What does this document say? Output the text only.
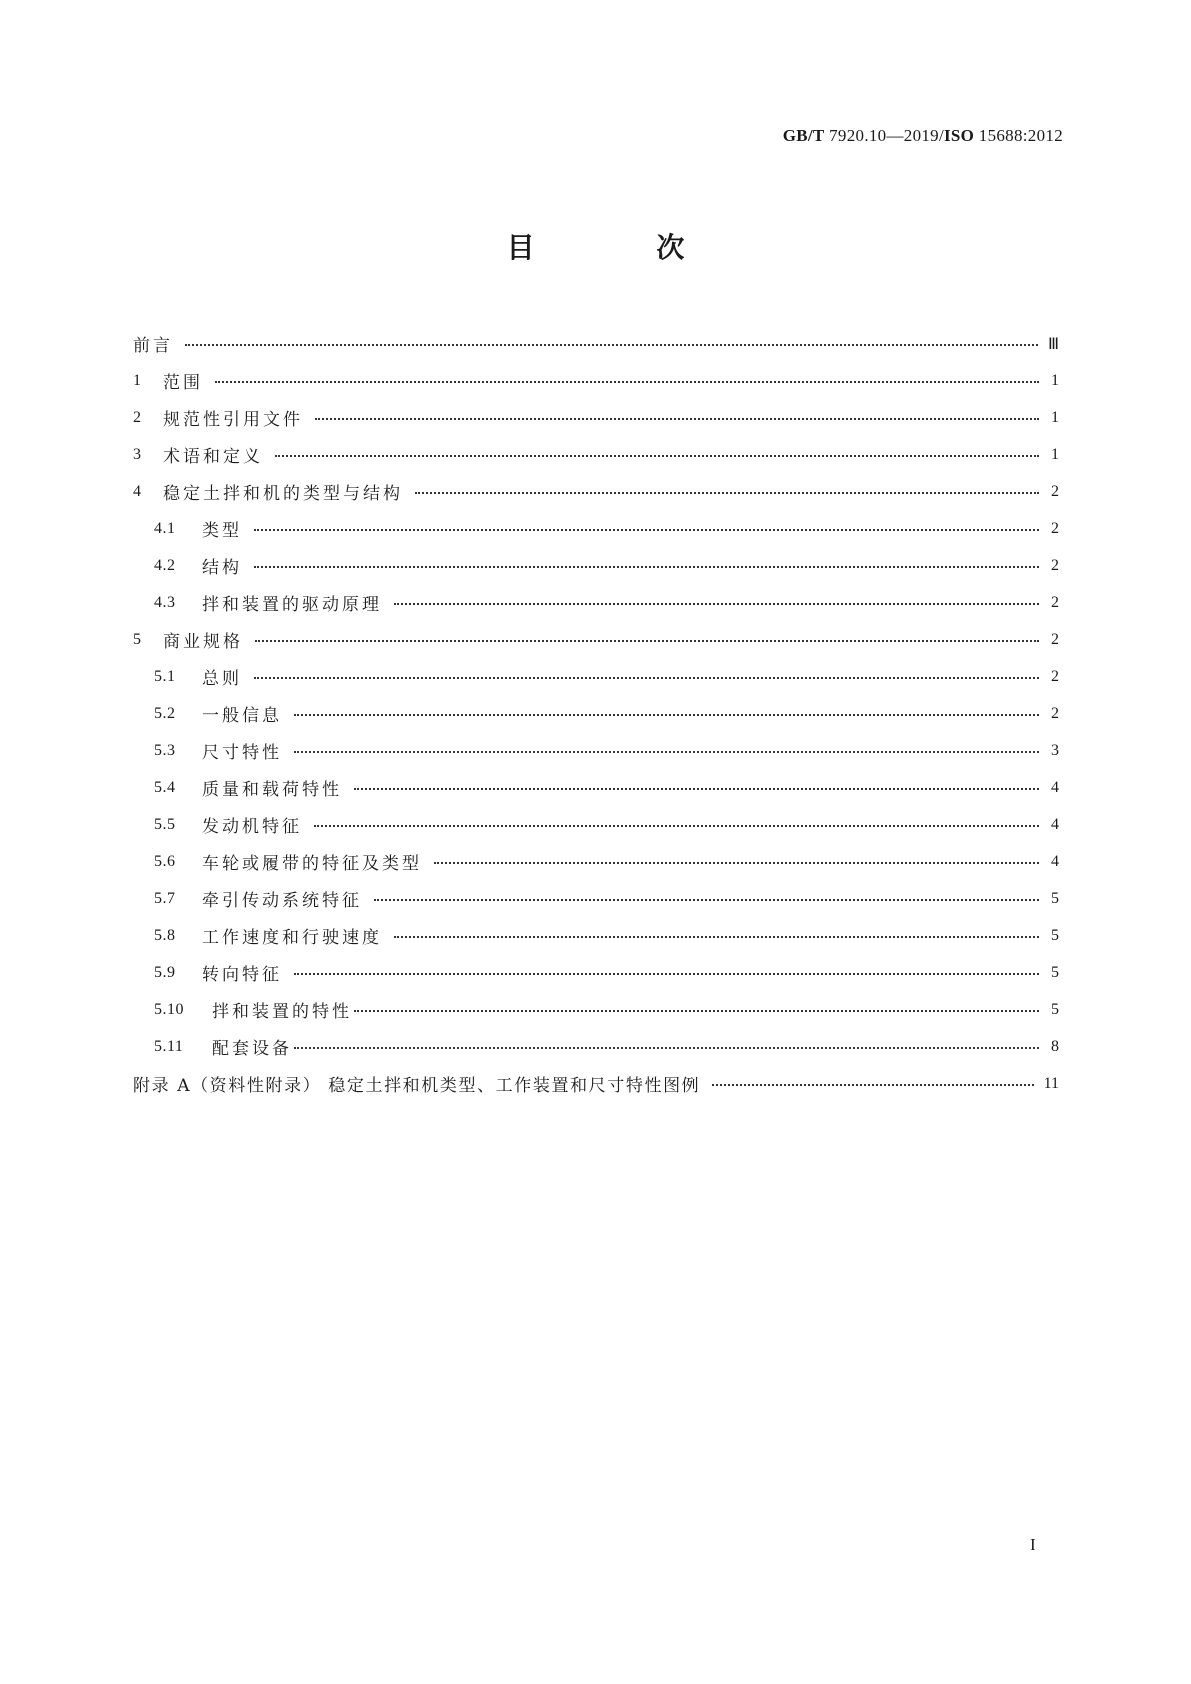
GB/T 7920.10—2019/ISO 15688:2012
目 次
前言	Ⅲ
1	范围	1
2	规范性引用文件	1
3	术语和定义	1
4	稳定土拌和机的类型与结构	2
4.1	类型	2
4.2	结构	2
4.3	拌和装置的驱动原理	2
5	商业规格	2
5.1	总则	2
5.2	一般信息	2
5.3	尺寸特性	3
5.4	质量和载荷特性	4
5.5	发动机特征	4
5.6	车轮或履带的特征及类型	4
5.7	牵引传动系统特征	5
5.8	工作速度和行驶速度	5
5.9	转向特征	5
5.10	拌和装置的特性	5
5.11	配套设备	8
附录 A（资料性附录） 稳定土拌和机类型、工作装置和尺寸特性图例	11
I
